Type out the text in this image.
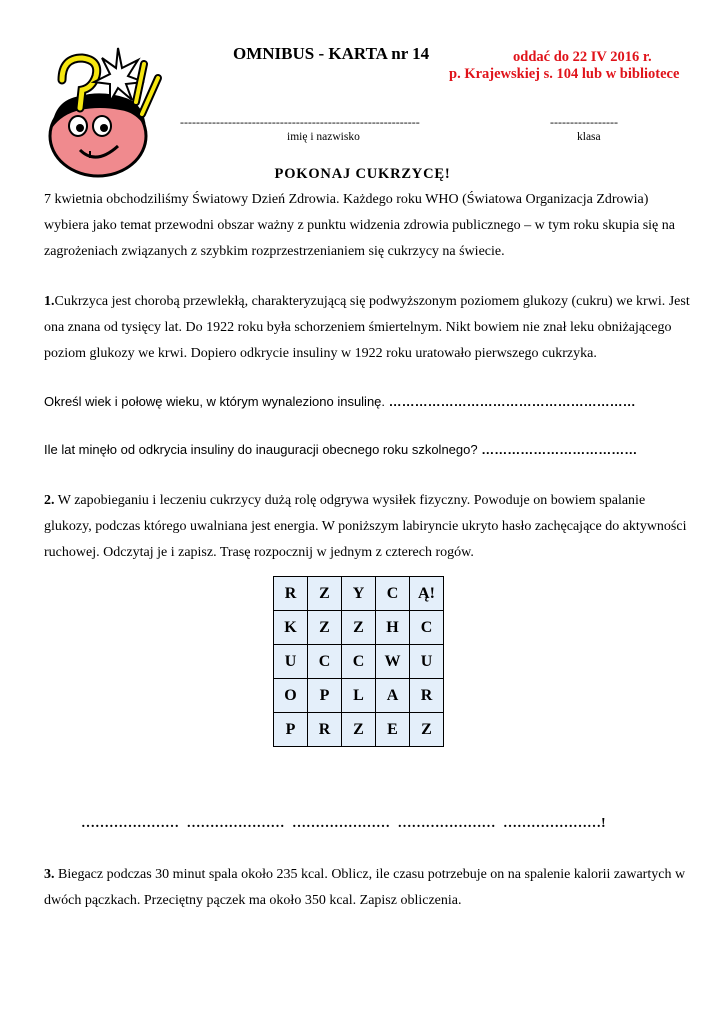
OMNIBUS - KARTA nr 14	oddać do 22 IV 2016 r.
p. Krajewskiej s. 104 lub w bibliotece
------------------------------------------------------------	-----------------
imię i nazwisko	klasa
POKONAJ CUKRZYCĘ!
7 kwietnia obchodziliśmy Światowy Dzień Zdrowia. Każdego roku WHO (Światowa Organizacja Zdrowia) wybiera jako temat przewodni obszar ważny z punktu widzenia zdrowia publicznego – w tym roku skupia się na zagrożeniach związanych z szybkim rozprzestrzenianiem się cukrzycy na świecie.
1.Cukrzyca jest chorobą przewlekłą, charakteryzującą się podwyższonym poziomem glukozy (cukru) we krwi. Jest ona znana od tysięcy lat. Do 1922 roku była schorzeniem śmiertelnym. Nikt bowiem nie znał leku obniżającego poziom glukozy we krwi. Dopiero odkrycie insuliny w 1922 roku uratowało pierwszego cukrzyka.
Określ wiek i połowę wieku, w którym wynaleziono insulinę. …………………………………………………
Ile lat minęło od odkrycia insuliny do inauguracji obecnego roku szkolnego? ………………………………
2. W zapobieganiu i leczeniu cukrzycy dużą rolę odgrywa wysiłek fizyczny. Powoduje on bowiem spalanie glukozy, podczas którego uwalniana jest energia. W poniższym labiryncie ukryto hasło zachęcające do aktywności ruchowej. Odczytaj je i zapisz. Trasę rozpocznij w jednym z czterech rogów.
R	Z	Y	C	Ą!
K	Z	Z	H	C
U	C	C	W	U
O	P	L	A	R
P	R	Z	E	Z
………………… ………………… ………………… ………………… …………………!
3. Biegacz podczas 30 minut spala około 235 kcal. Oblicz, ile czasu potrzebuje on na spalenie kalorii zawartych w dwóch pączkach. Przeciętny pączek ma około 350 kcal. Zapisz obliczenia.
